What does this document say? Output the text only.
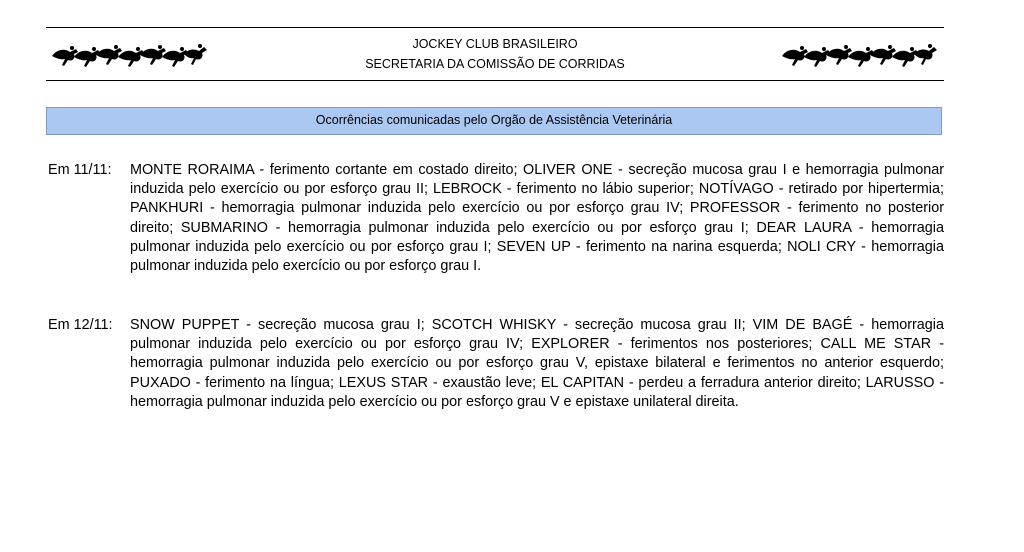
JOCKEY CLUB BRASILEIRO
SECRETARIA DA COMISSÃO DE CORRIDAS
Ocorrências comunicadas pelo Orgão de Assistência Veterinária
Em 11/11: MONTE RORAIMA - ferimento cortante em costado direito; OLIVER ONE - secreção mucosa grau I e hemorragia pulmonar induzida pelo exercício ou por esforço grau II; LEBROCK - ferimento no lábio superior; NOTÍVAGO - retirado por hipertermia; PANKHURI - hemorragia pulmonar induzida pelo exercício ou por esforço grau IV; PROFESSOR - ferimento no posterior direito; SUBMARINO - hemorragia pulmonar induzida pelo exercício ou por esforço grau I; DEAR LAURA - hemorragia pulmonar induzida pelo exercício ou por esforço grau I; SEVEN UP - ferimento na narina esquerda; NOLI CRY - hemorragia pulmonar induzida pelo exercício ou por esforço grau I.
Em 12/11: SNOW PUPPET - secreção mucosa grau I; SCOTCH WHISKY - secreção mucosa grau II; VIM DE BAGÉ - hemorragia pulmonar induzida pelo exercício ou por esforço grau IV; EXPLORER - ferimentos nos posteriores; CALL ME STAR - hemorragia pulmonar induzida pelo exercício ou por esforço grau V, epistaxe bilateral e ferimentos no anterior esquerdo; PUXADO - ferimento na língua; LEXUS STAR - exaustão leve; EL CAPITAN - perdeu a ferradura anterior direito; LARUSSO - hemorragia pulmonar induzida pelo exercício ou por esforço grau V e epistaxe unilateral direita.
